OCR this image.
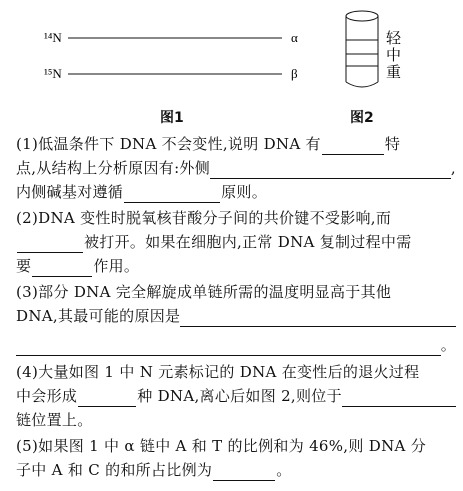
¹⁴N	α
¹⁵N	β
轻
中
重
图1	图2
(1)低温条件下 DNA 不会变性,说明 DNA 有	特
点,从结构上分析原因有:外侧	,
内侧碱基对遵循	原则。
(2)DNA 变性时脱氧核苷酸分子间的共价键不受影响,而
被打开。如果在细胞内,正常 DNA 复制过程中需
要	作用。
(3)部分 DNA 完全解旋成单链所需的温度明显高于其他
DNA,其最可能的原因是
。
(4)大量如图 1 中 N 元素标记的 DNA 在变性后的退火过程
中会形成	种 DNA,离心后如图 2,则位于
链位置上。
(5)如果图 1 中 α 链中 A 和 T 的比例和为 46%,则 DNA 分
子中 A 和 C 的和所占比例为	。
